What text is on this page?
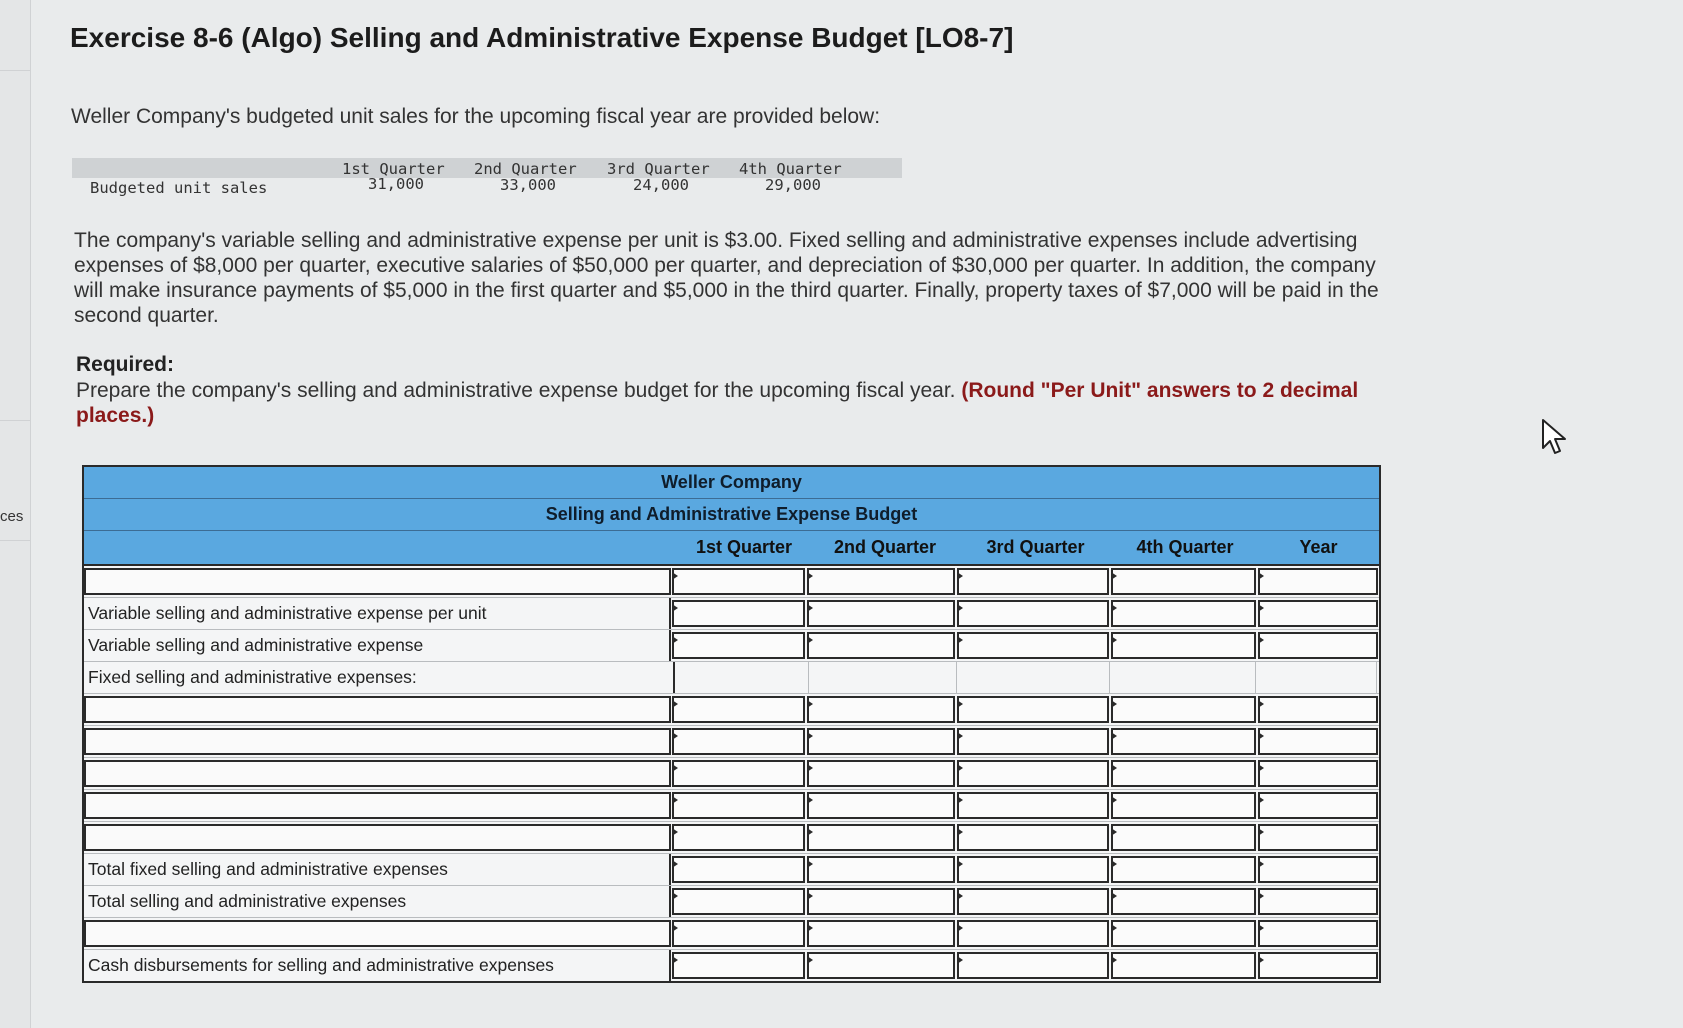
ces
Exercise 8-6 (Algo) Selling and Administrative Expense Budget [LO8-7]
Weller Company's budgeted unit sales for the upcoming fiscal year are provided below:
1st Quarter 2nd Quarter 3rd Quarter 4th Quarter
Budgeted unit sales	31,000	33,000	24,000	29,000
The company's variable selling and administrative expense per unit is $3.00. Fixed selling and administrative expenses include advertising expenses of $8,000 per quarter, executive salaries of $50,000 per quarter, and depreciation of $30,000 per quarter. In addition, the company will make insurance payments of $5,000 in the first quarter and $5,000 in the third quarter. Finally, property taxes of $7,000 will be paid in the second quarter.
Required:
Prepare the company's selling and administrative expense budget for the upcoming fiscal year. (Round "Per Unit" answers to 2 decimal places.)
Weller Company
Selling and Administrative Expense Budget
1st Quarter	2nd Quarter	3rd Quarter	4th Quarter	Year
Variable selling and administrative expense per unit
Variable selling and administrative expense
Fixed selling and administrative expenses:
Total fixed selling and administrative expenses
Total selling and administrative expenses
Cash disbursements for selling and administrative expenses
